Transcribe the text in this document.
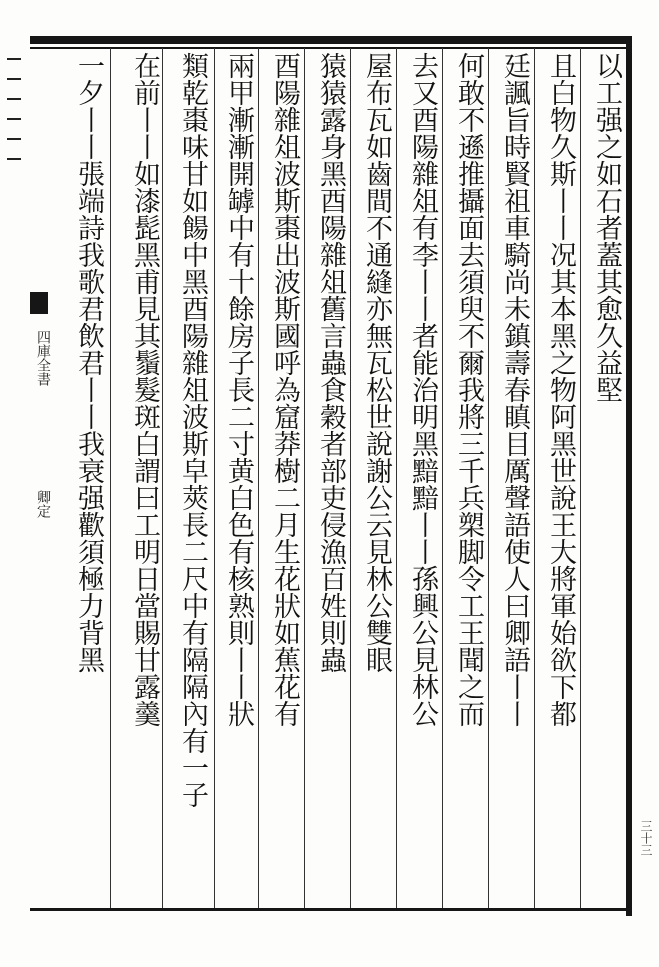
四庫全書
卿定
以工强之如石者蓋其愈久益堅
且白物久斯丨丨况其本黑之物阿黑世說王大將軍始欲下都
廷諷旨時賢祖車騎尚未鎮壽春瞋目厲聲語使人曰卿語丨丨
何敢不遜推攝面去須臾不爾我將三千兵槊脚令工王聞之而
去又酉陽雜俎有李丨丨者能治明黑黯黯丨丨孫興公見林公
屋布瓦如齒間不通縫亦無瓦松世說謝公云見林公雙眼
猿猿露身黑酉陽雜俎舊言蟲食穀者部吏侵漁百姓則蟲
酉陽雜俎波斯棗出波斯國呼為窟莽樹二月生花狀如蕉花有
兩甲漸漸開罅中有十餘房子長二寸黄白色有核熟則丨丨狀
類乾棗味甘如餳中黑酉陽雜俎波斯皁莢長二尺中有隔隔內有一子
在前丨丨如漆髭黑甫見其鬚髮斑白謂曰工明日當賜甘露羹
一夕丨丨張端詩我歌君飲君丨丨我衰强歡須極力背黑
三十三
